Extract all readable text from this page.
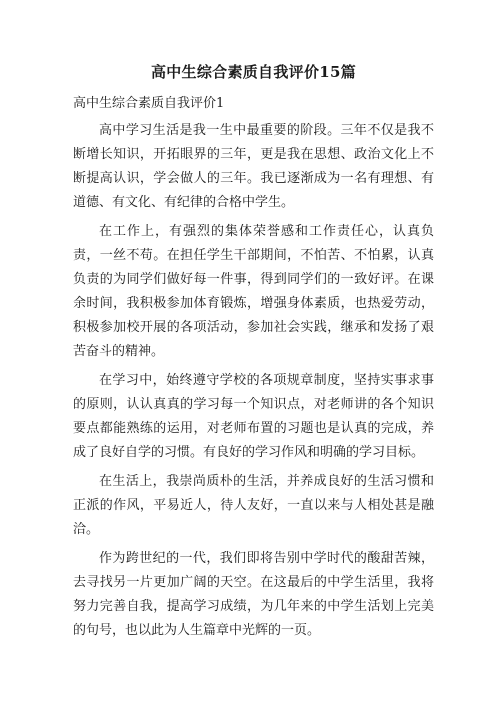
高中生综合素质自我评价15篇
高中生综合素质自我评价1

高中学习生活是我一生中最重要的阶段。三年不仅是我不断增长知识，开拓眼界的三年，更是我在思想、政治文化上不断提高认识，学会做人的三年。我已逐渐成为一名有理想、有道德、有文化、有纪律的合格中学生。

在工作上，有强烈的集体荣誉感和工作责任心，认真负责，一丝不苟。在担任学生干部期间，不怕苦、不怕累，认真负责的为同学们做好每一件事，得到同学们的一致好评。在课余时间，我积极参加体育锻炼，增强身体素质，也热爱劳动，积极参加校开展的各项活动，参加社会实践，继承和发扬了艰苦奋斗的精神。

在学习中，始终遵守学校的各项规章制度，坚持实事求事的原则，认认真真的学习每一个知识点，对老师讲的各个知识要点都能熟练的运用，对老师布置的习题也是认真的完成，养成了良好自学的习惯。有良好的学习作风和明确的学习目标。

在生活上，我崇尚质朴的生活，并养成良好的生活习惯和正派的作风，平易近人，待人友好，一直以来与人相处甚是融洽。

作为跨世纪的一代，我们即将告别中学时代的酸甜苦辣，去寻找另一片更加广阔的天空。在这最后的中学生活里，我将努力完善自我，提高学习成绩，为几年来的中学生活划上完美的句号，也以此为人生篇章中光辉的一页。
